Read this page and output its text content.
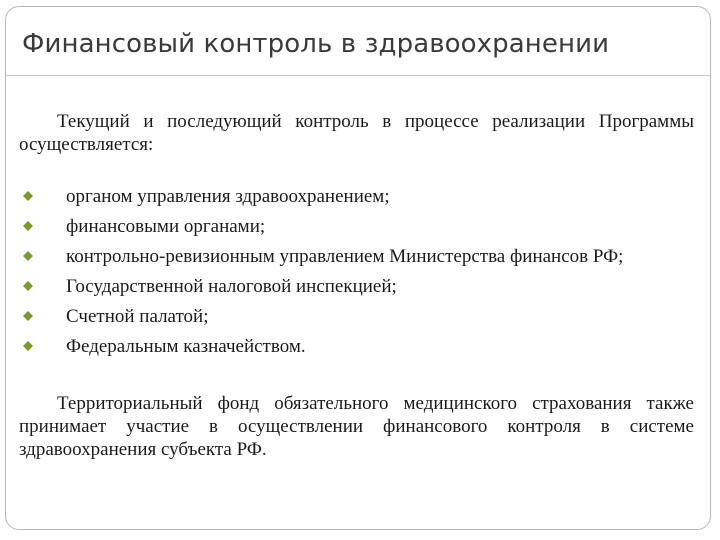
Финансовый контроль в здравоохранении

Текущий и последующий контроль в процессе реализации Программы осуществляется:

органом управления здравоохранением;
финансовыми органами;
контрольно-ревизионным управлением Министерства финансов РФ;
Государственной налоговой инспекцией;
Счетной палатой;
Федеральным казначейством.

Территориальный фонд обязательного медицинского страхования также принимает участие в осуществлении финансового контроля в системе здравоохранения субъекта РФ.
